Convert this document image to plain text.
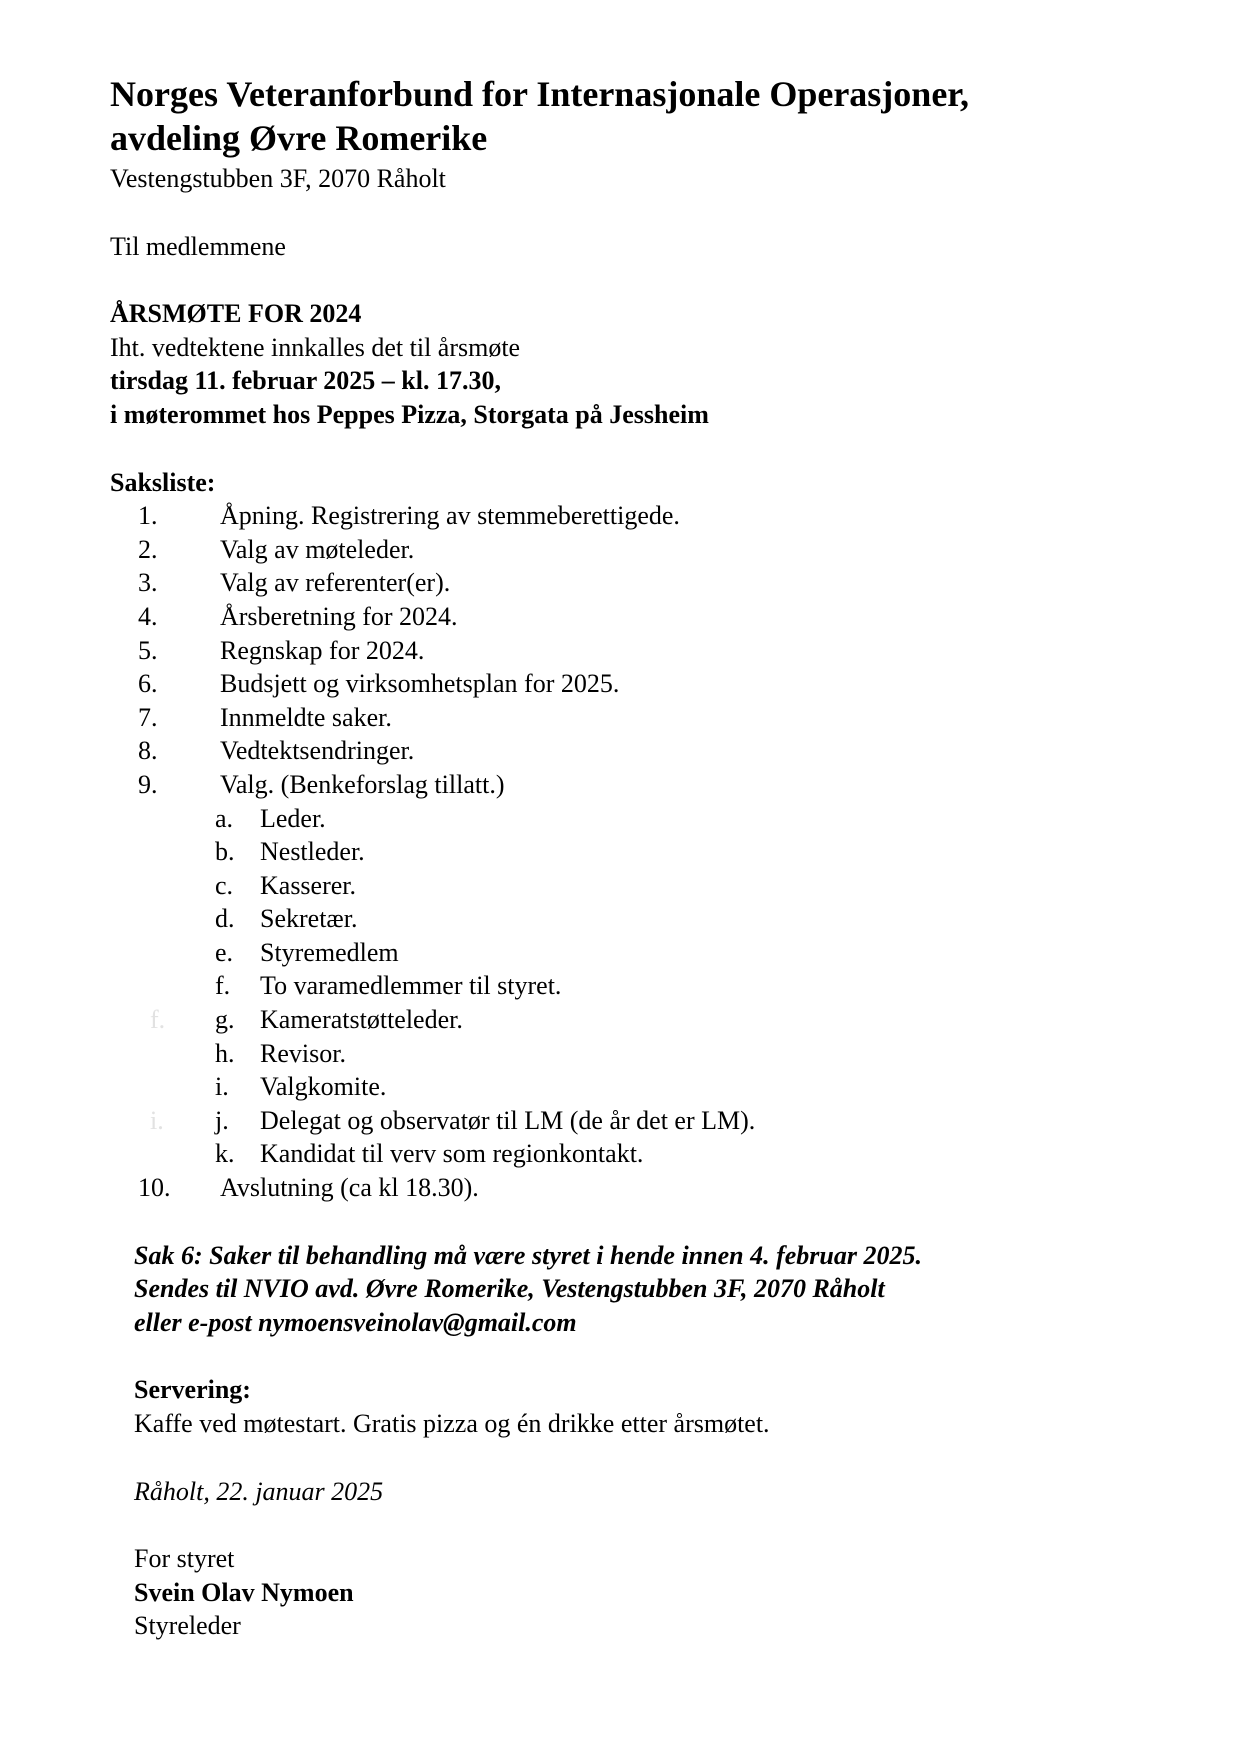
Norges Veteranforbund for Internasjonale Operasjoner,
avdeling Øvre Romerike
Vestengstubben 3F, 2070 Råholt
Til medlemmene
ÅRSMØTE FOR 2024
Iht. vedtektene innkalles det til årsmøte
tirsdag 11. februar 2025 – kl. 17.30,
i møterommet hos Peppes Pizza, Storgata på Jessheim
Saksliste:
1. Åpning. Registrering av stemmeberettigede.
2. Valg av møteleder.
3. Valg av referenter(er).
4. Årsberetning for 2024.
5. Regnskap for 2024.
6. Budsjett og virksomhetsplan for 2025.
7. Innmeldte saker.
8. Vedtektsendringer.
9. Valg. (Benkeforslag tillatt.)
a. Leder.
b. Nestleder.
c. Kasserer.
d. Sekretær.
e. Styremedlem
f. To varamedlemmer til styret.
f. g. Kameratstøtteleder.
h. Revisor.
i. Valgkomite.
i. j. Delegat og observatør til LM (de år det er LM).
k. Kandidat til verv som regionkontakt.
10. Avslutning (ca kl 18.30).
Sak 6: Saker til behandling må være styret i hende innen 4. februar 2025.
Sendes til NVIO avd. Øvre Romerike, Vestengstubben 3F, 2070 Råholt
eller e-post nymoensveinolav@gmail.com
Servering:
Kaffe ved møtestart. Gratis pizza og én drikke etter årsmøtet.
Råholt, 22. januar 2025
For styret
Svein Olav Nymoen
Styreleder
